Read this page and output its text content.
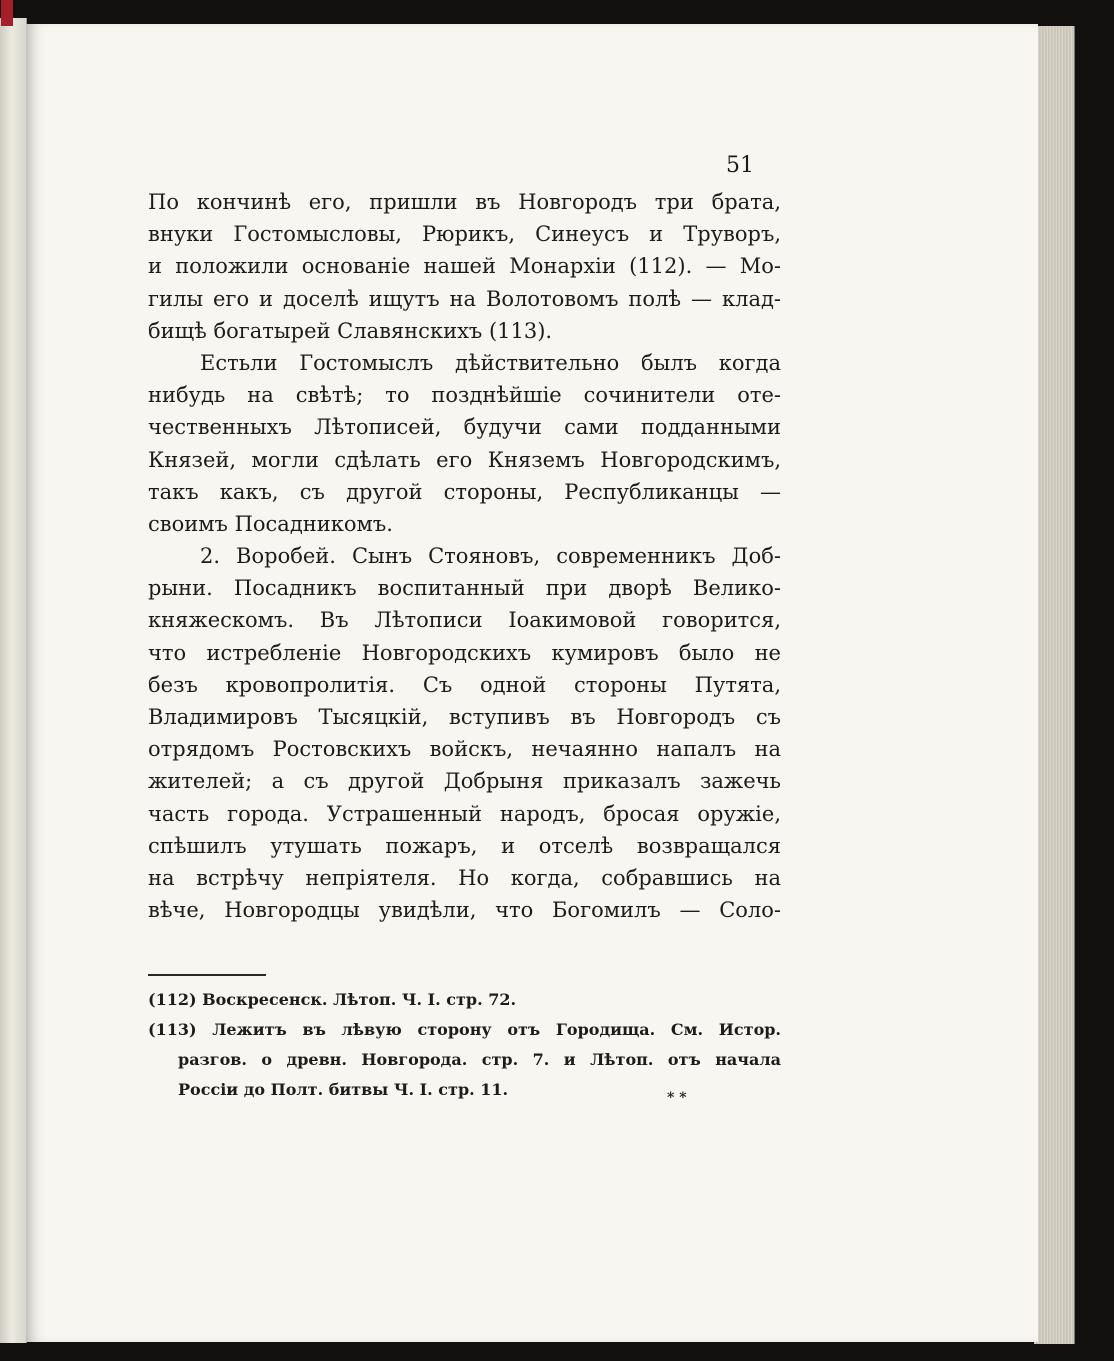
51

По кончинѣ его, пришли въ Новгородъ три брата,
внуки Гостомысловы, Рюрикъ, Синеусъ и Труворъ,
и положили основаніе нашей Монархіи (112). — Мо-
гилы его и доселѣ ищутъ на Волотовомъ полѣ — клад-
бищѣ богатырей Славянскихъ (113).
Естьли Гостомыслъ дѣйствительно былъ когда
нибудь на свѣтѣ; то позднѣйшіе сочинители оте-
чественныхъ Лѣтописей, будучи сами подданными
Князей, могли сдѣлать его Княземъ Новгородскимъ,
такъ какъ, съ другой стороны, Республиканцы —
своимъ Посадникомъ.
2. Воробей. Сынъ Стояновъ, современникъ Доб-
рыни. Посадникъ воспитанный при дворѣ Велико-
княжескомъ. Въ Лѣтописи Іоакимовой говорится,
что истребленіе Новгородскихъ кумировъ было не
безъ кровопролитія. Съ одной стороны Путята,
Владимировъ Тысяцкій, вступивъ въ Новгородъ съ
отрядомъ Ростовскихъ войскъ, нечаянно напалъ на
жителей; а съ другой Добрыня приказалъ зажечь
часть города. Устрашенный народъ, бросая оружіе,
спѣшилъ утушать пожаръ, и отселѣ возвращался
на встрѣчу непріятеля. Но когда, собравшись на
вѣче, Новгородцы увидѣли, что Богомилъ — Соло-
(112) Воскресенск. Лѣтоп. Ч. I. стр. 72.
(113) Лежитъ въ лѣвую сторону отъ Городища. См. Истор.
разгов. о древн. Новгорода. стр. 7. и Лѣтоп. отъ начала
Россіи до Полт. битвы Ч. I. стр. 11.	* *
